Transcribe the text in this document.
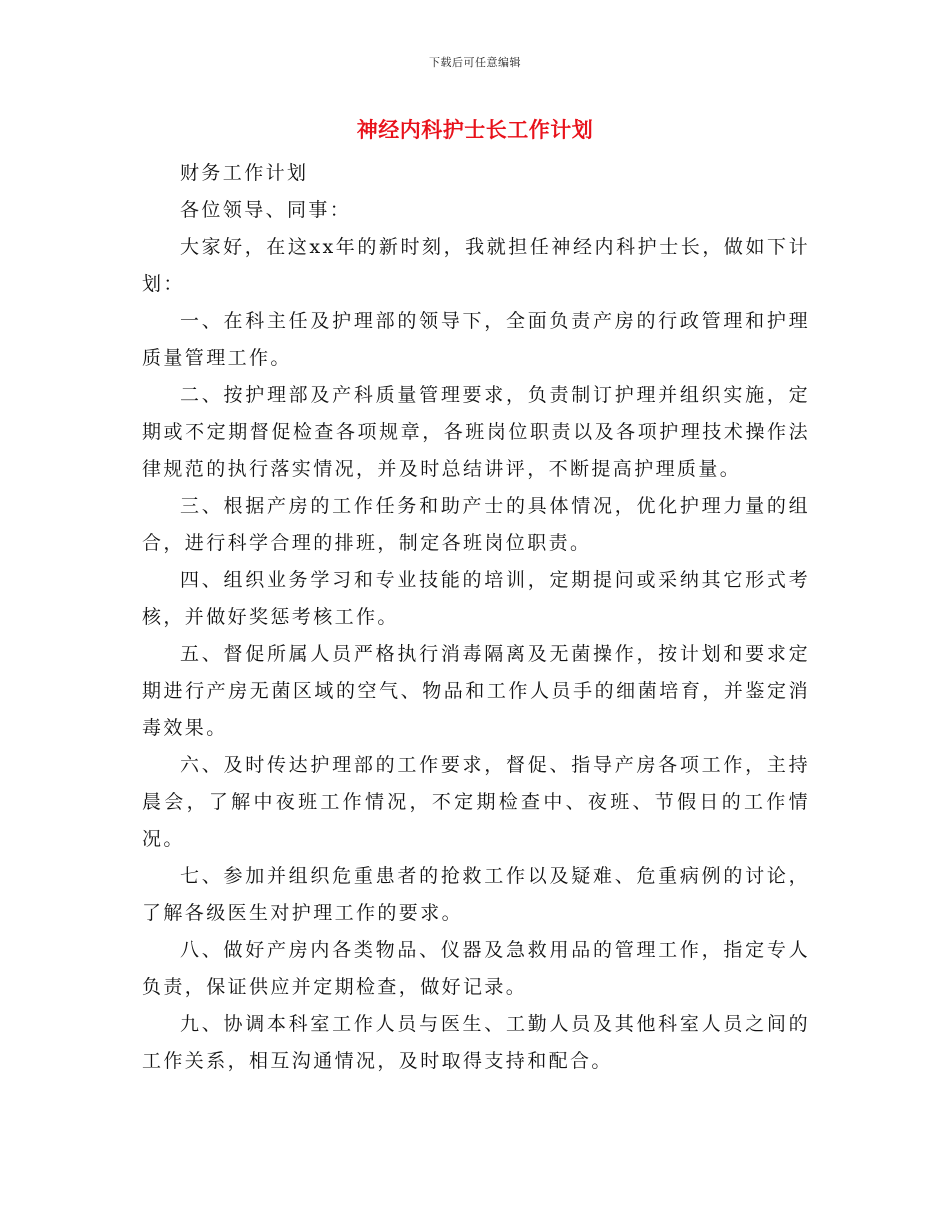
下载后可任意编辑
神经内科护士长工作计划

财务工作计划

各位领导、同事：

大家好，在这xx年的新时刻，我就担任神经内科护士长，做如下计划：

一、在科主任及护理部的领导下，全面负责产房的行政管理和护理质量管理工作。

二、按护理部及产科质量管理要求，负责制订护理并组织实施，定期或不定期督促检查各项规章，各班岗位职责以及各项护理技术操作法律规范的执行落实情况，并及时总结讲评，不断提高护理质量。

三、根据产房的工作任务和助产士的具体情况，优化护理力量的组合，进行科学合理的排班，制定各班岗位职责。

四、组织业务学习和专业技能的培训，定期提问或采纳其它形式考核，并做好奖惩考核工作。

五、督促所属人员严格执行消毒隔离及无菌操作，按计划和要求定期进行产房无菌区域的空气、物品和工作人员手的细菌培育，并鉴定消毒效果。

六、及时传达护理部的工作要求，督促、指导产房各项工作，主持晨会，了解中夜班工作情况，不定期检查中、夜班、节假日的工作情况。

七、参加并组织危重患者的抢救工作以及疑难、危重病例的讨论，了解各级医生对护理工作的要求。

八、做好产房内各类物品、仪器及急救用品的管理工作，指定专人负责，保证供应并定期检查，做好记录。

九、协调本科室工作人员与医生、工勤人员及其他科室人员之间的工作关系，相互沟通情况，及时取得支持和配合。
